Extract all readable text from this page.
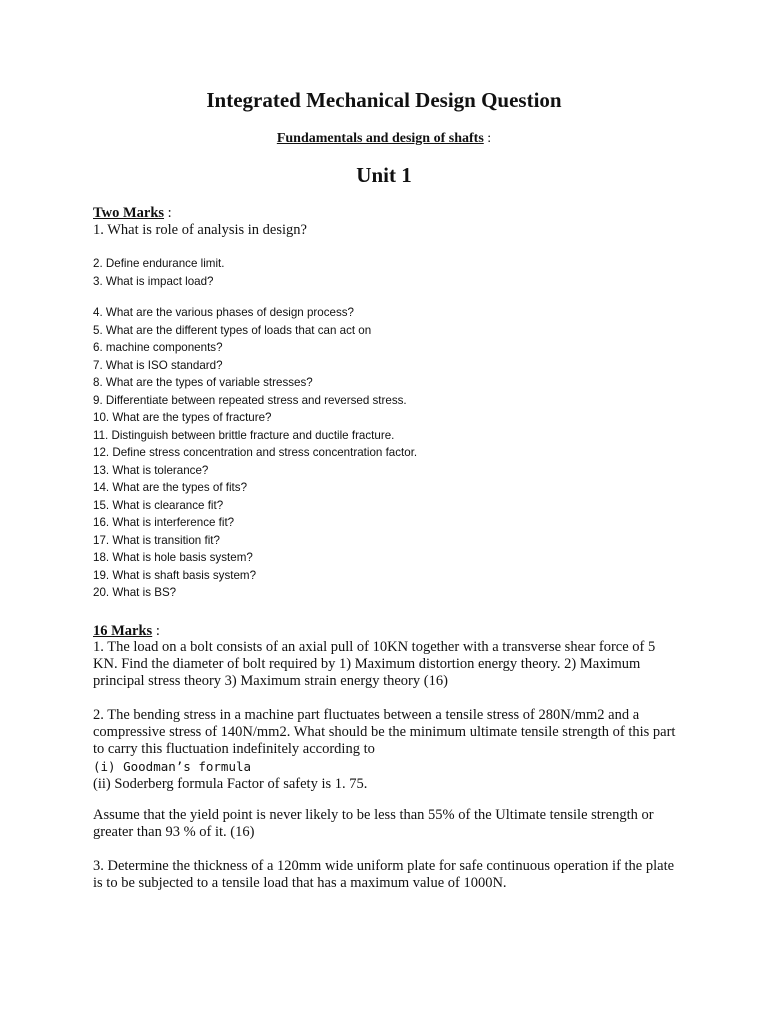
Integrated Mechanical Design Question
Fundamentals and design of shafts :
Unit 1
Two Marks :
1. What is role of analysis in design?
2. Define endurance limit.
3. What is impact load?
4. What are the various phases of design process?
5. What are the different types of loads that can act on
6. machine components?
7. What is ISO standard?
8. What are the types of variable stresses?
9. Differentiate between repeated stress and reversed stress.
10. What are the types of fracture?
11. Distinguish between brittle fracture and ductile fracture.
12. Define stress concentration and stress concentration factor.
13. What is tolerance?
14. What are the types of fits?
15. What is clearance fit?
16. What is interference fit?
17. What is transition fit?
18. What is hole basis system?
19. What is shaft basis system?
20. What is BS?
16 Marks :

1. The load on a bolt consists of an axial pull of 10KN together with a transverse shear force of 5 KN. Find the diameter of bolt required by 1) Maximum distortion energy theory. 2) Maximum principal stress theory 3) Maximum strain energy theory (16)

2. The bending stress in a machine part fluctuates between a tensile stress of 280N/mm2 and a compressive stress of 140N/mm2. What should be the minimum ultimate tensile strength of this part to carry this fluctuation indefinitely according to
(i) Goodman’s formula
(ii) Soderberg formula Factor of safety is 1. 75.

Assume that the yield point is never likely to be less than 55% of the Ultimate tensile strength or greater than 93 % of it. (16)

3. Determine the thickness of a 120mm wide uniform plate for safe continuous operation if the plate is to be subjected to a tensile load that has a maximum value of 1000N.
